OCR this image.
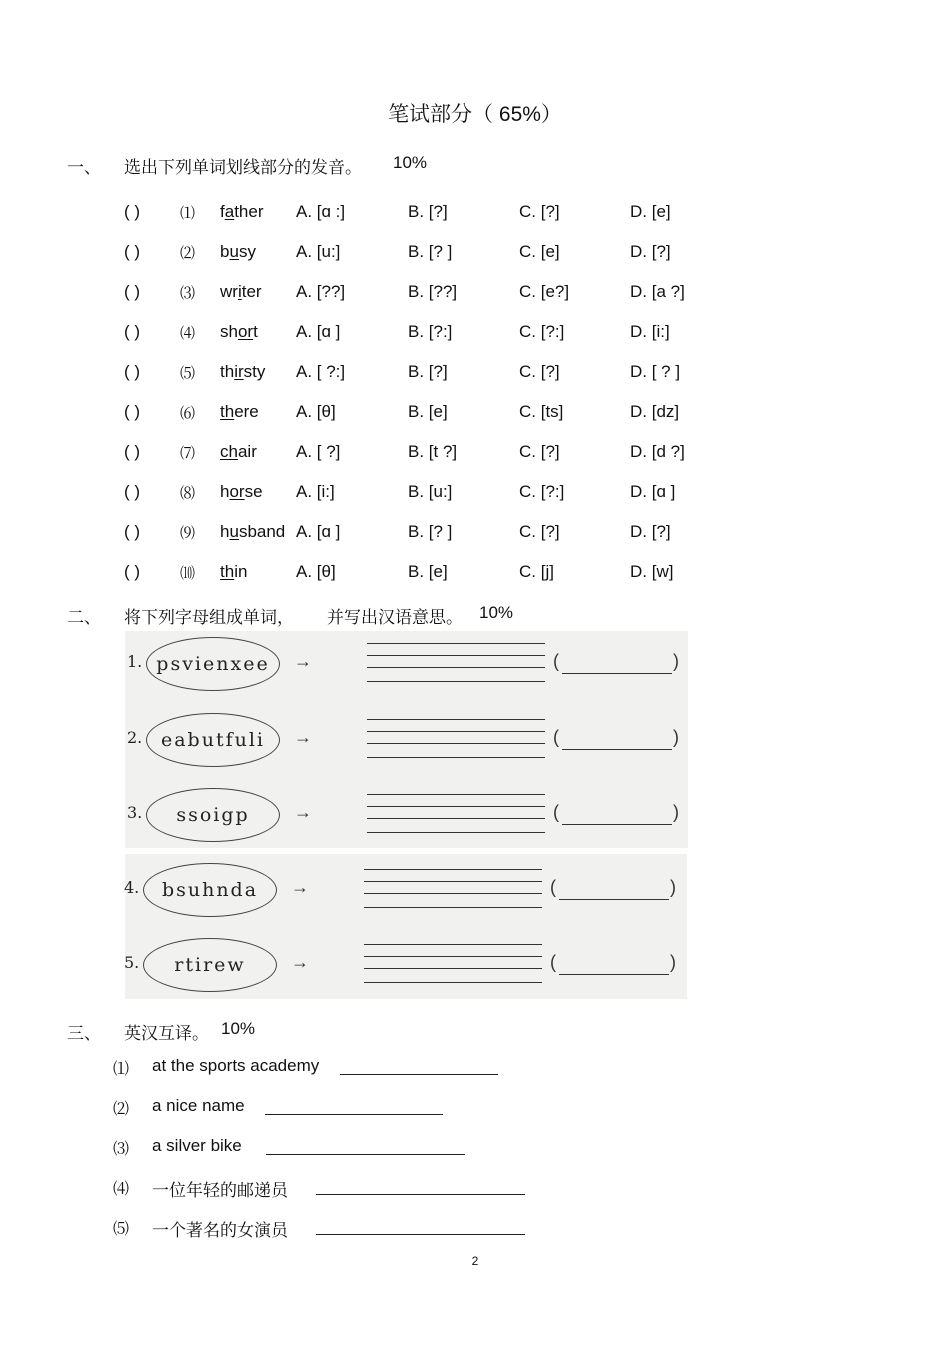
笔试部分（ 65%）
一、 选出下列单词划线部分的发音。 10%
( )	⑴ father A. [ɑ :]	B. [?]	C. [?]	D. [e]
( )	⑵ busy A. [u:]	B. [? ]	C. [e]	D. [?]
( )	⑶ writer A. [??]	B. [??]	C. [e?]	D. [a ?]
( )	⑷ short A. [ɑ ]	B. [?:]	C. [?:]	D. [i:]
( )	⑸ thirsty A. [ ?:]	B. [?]	C. [?]	D. [ ? ]
( )	⑹ there A. [θ]	B. [e]	C. [ts]	D. [dz]
( )	⑺ chair A. [ ?]	B. [t ?]	C. [?]	D. [d ?]
( )	⑻ horse A. [i:]	B. [u:]	C. [?:]	D. [ɑ ]
( )	⑼ husband A. [ɑ ]	B. [? ]	C. [?]	D. [?]
( )	⑽ thin	A. [θ]	B. [e]	C. [j]	D. [w]
二、 将下列字母组成单词， 并写出汉语意思。 10%
1. psvienxee	→	(	)
2. eabutfuli	→	(	)
3.	ssoigp	→	(	)
4.	bsuhnda	→	(	)
5.	rtirew	→	(	)
三、 英汉互译。 10%
⑴ at the sports academy
⑵ a nice name
⑶ a silver bike
⑷ 一位年轻的邮递员
⑸ 一个著名的女演员
2
